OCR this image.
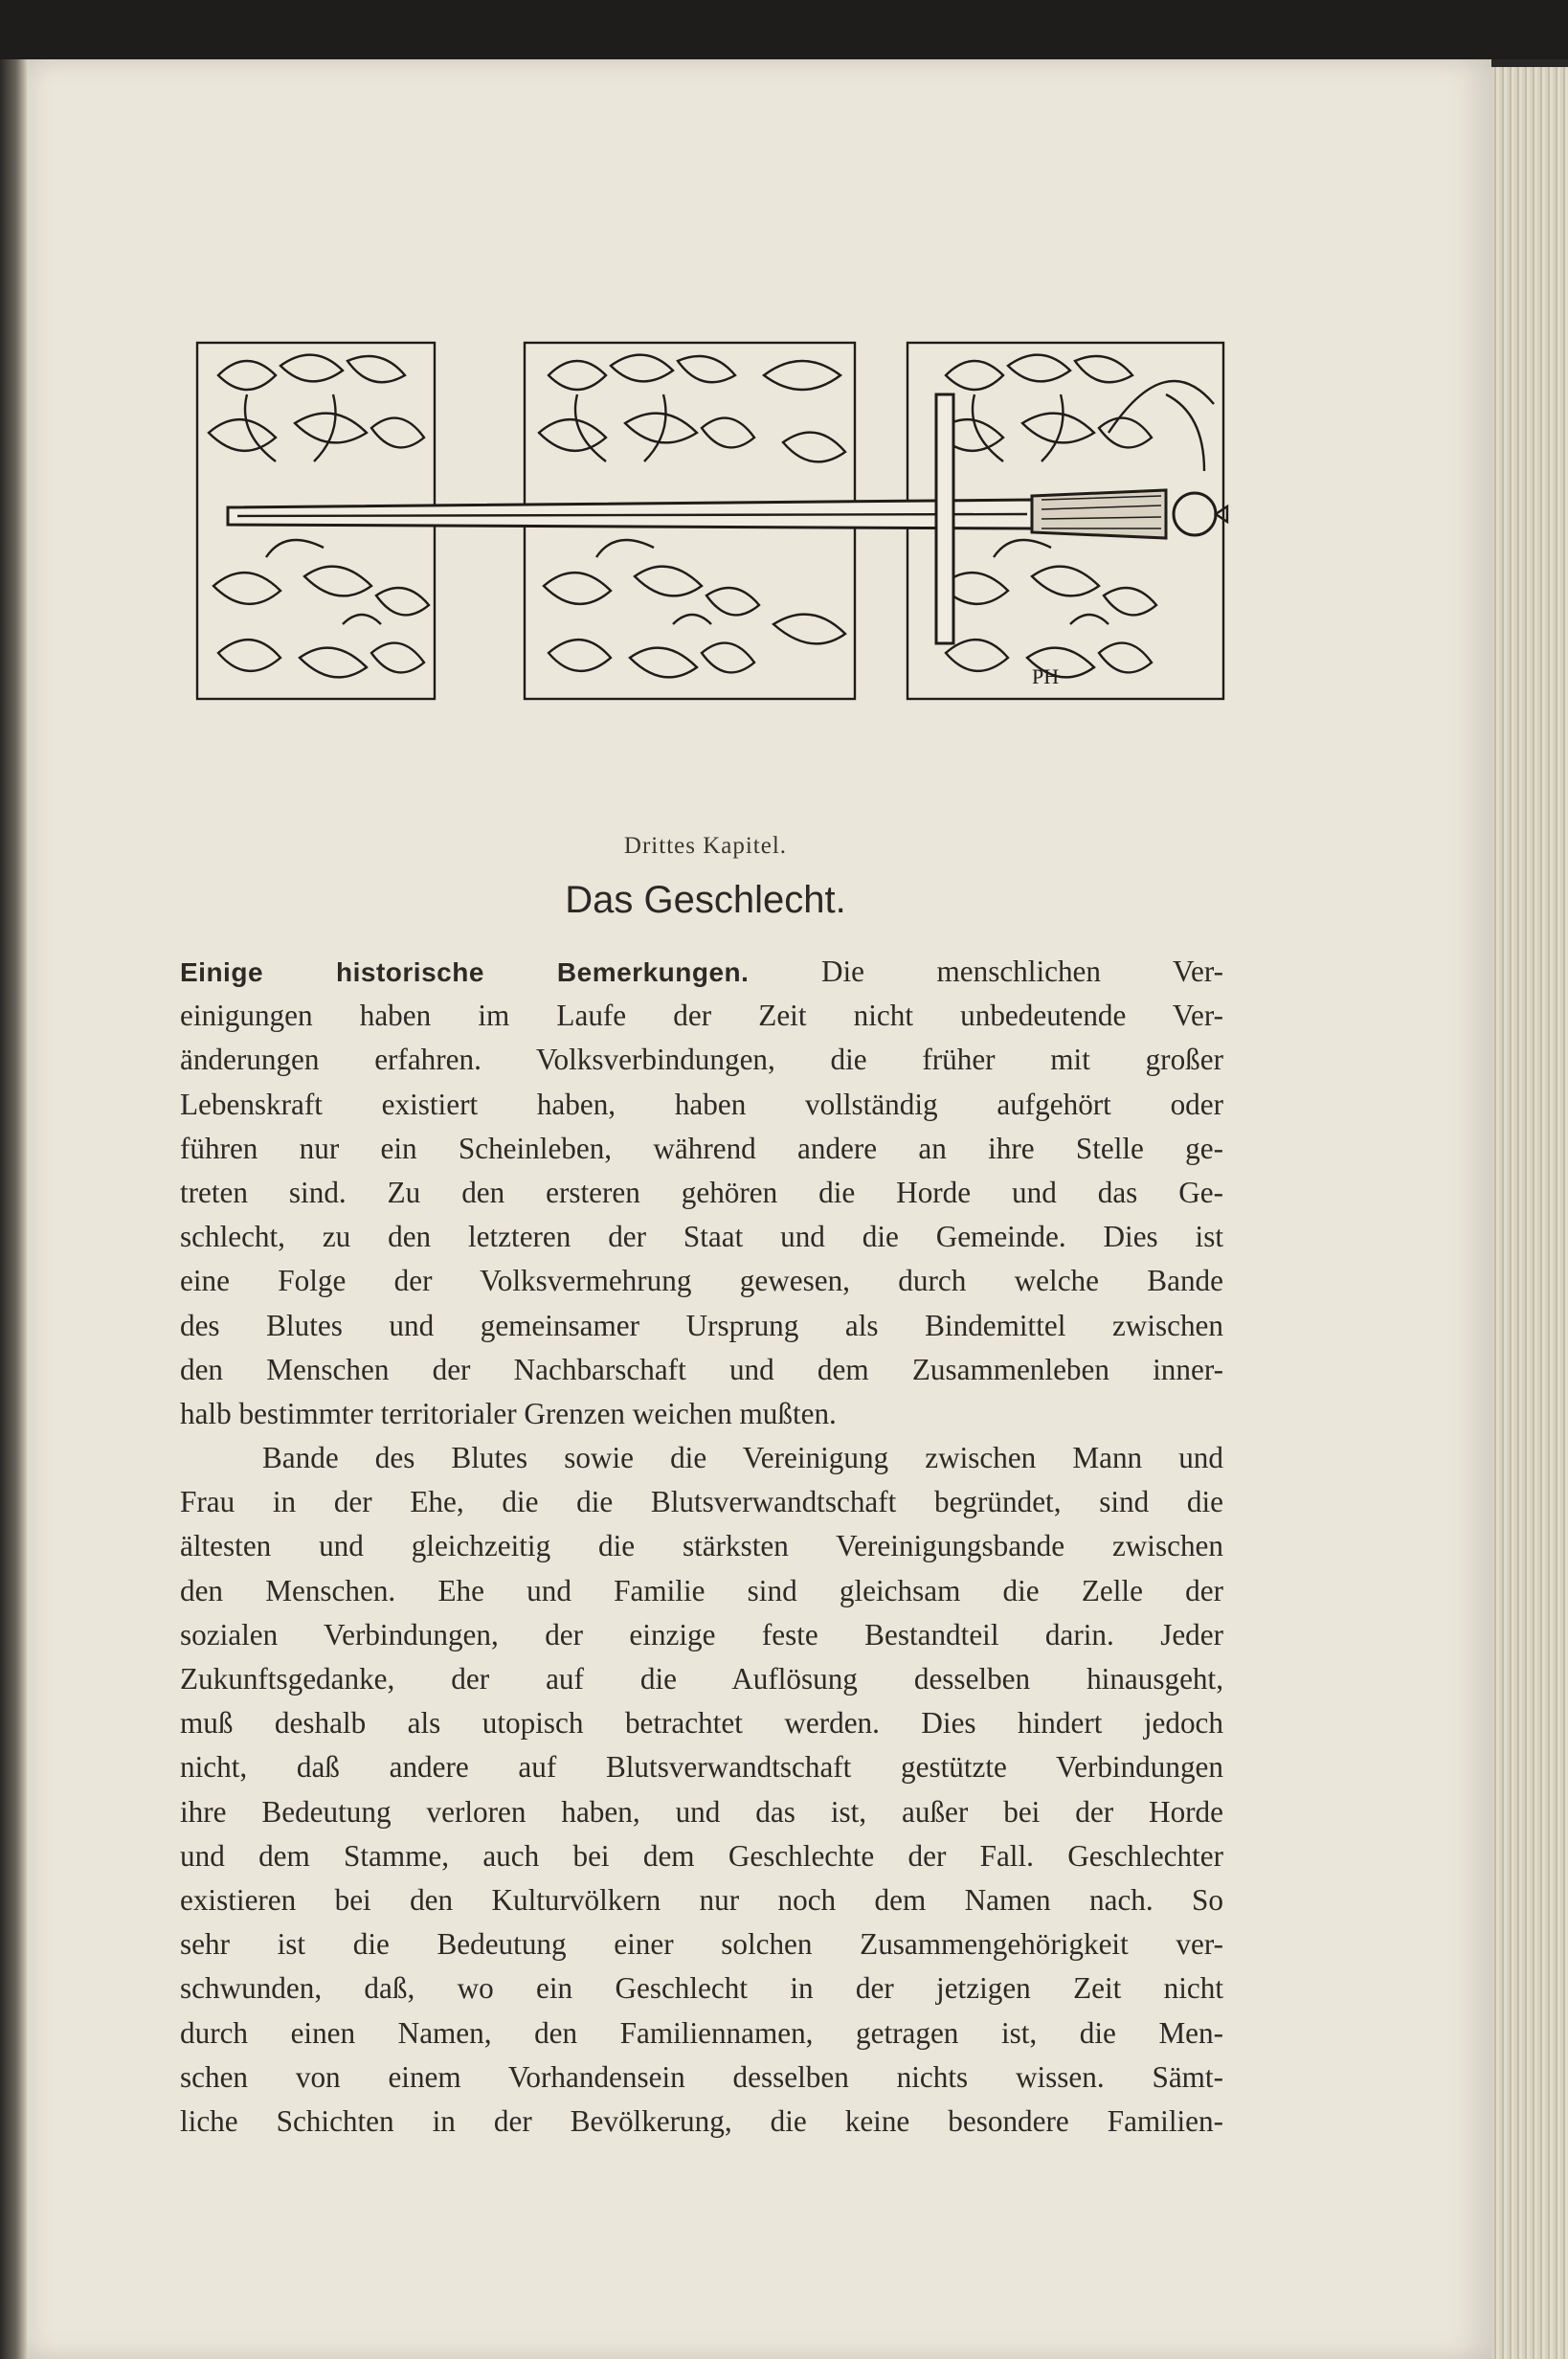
PH
Drittes Kapitel.
Das Geschlecht.
Einige historische Bemerkungen. Die menschlichen Ver-
einigungen haben im Laufe der Zeit nicht unbedeutende Ver-
änderungen erfahren. Volksverbindungen, die früher mit großer
Lebenskraft existiert haben, haben vollständig aufgehört oder
führen nur ein Scheinleben, während andere an ihre Stelle ge-
treten sind. Zu den ersteren gehören die Horde und das Ge-
schlecht, zu den letzteren der Staat und die Gemeinde. Dies ist
eine Folge der Volksvermehrung gewesen, durch welche Bande
des Blutes und gemeinsamer Ursprung als Bindemittel zwischen
den Menschen der Nachbarschaft und dem Zusammenleben inner-
halb bestimmter territorialer Grenzen weichen mußten.
Bande des Blutes sowie die Vereinigung zwischen Mann und
Frau in der Ehe, die die Blutsverwandtschaft begründet, sind die
ältesten und gleichzeitig die stärksten Vereinigungsbande zwischen
den Menschen. Ehe und Familie sind gleichsam die Zelle der
sozialen Verbindungen, der einzige feste Bestandteil darin. Jeder
Zukunftsgedanke, der auf die Auflösung desselben hinausgeht,
muß deshalb als utopisch betrachtet werden. Dies hindert jedoch
nicht, daß andere auf Blutsverwandtschaft gestützte Verbindungen
ihre Bedeutung verloren haben, und das ist, außer bei der Horde
und dem Stamme, auch bei dem Geschlechte der Fall. Geschlechter
existieren bei den Kulturvölkern nur noch dem Namen nach. So
sehr ist die Bedeutung einer solchen Zusammengehörigkeit ver-
schwunden, daß, wo ein Geschlecht in der jetzigen Zeit nicht
durch einen Namen, den Familiennamen, getragen ist, die Men-
schen von einem Vorhandensein desselben nichts wissen. Sämt-
liche Schichten in der Bevölkerung, die keine besondere Familien-
